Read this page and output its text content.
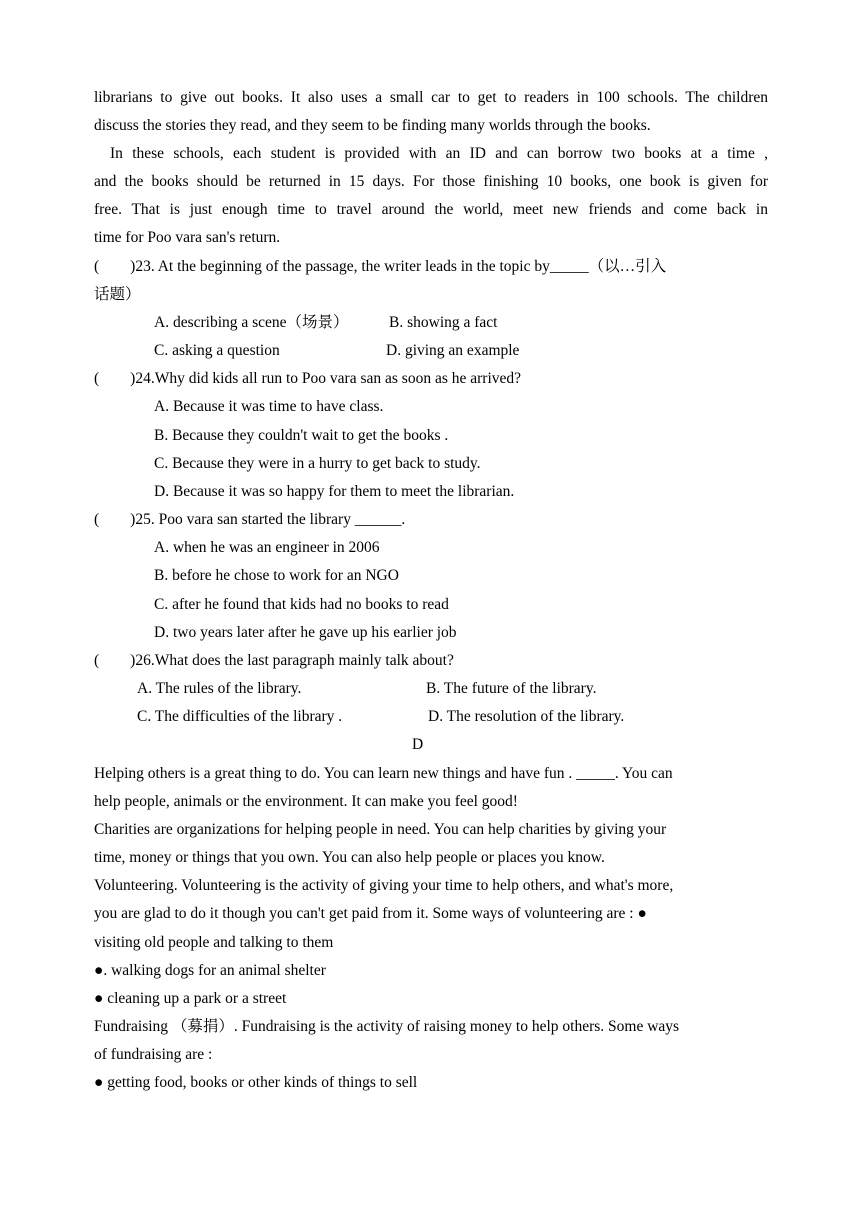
librarians to give out books. It also uses a small car to get to readers in 100 schools. The children
discuss the stories they read, and they seem to be finding many worlds through the books.
In these schools, each student is provided with an ID and can borrow two books at a time ,
and the books should be returned in 15 days. For those finishing 10 books, one book is given for
free. That is just enough time to travel around the world, meet new friends and come back in
time for Poo vara san's return.
(　　)23. At the beginning of the passage, the writer leads in the topic by_____（以…引入
话题）
A. describing a scene（场景）	B. showing a fact
C. asking a question	D. giving an example
(　　)24.Why did kids all run to Poo vara san as soon as he arrived?
A. Because it was time to have class.
B. Because they couldn't wait to get the books .
C. Because they were in a hurry to get back to study.
D. Because it was so happy for them to meet the librarian.
(　　)25. Poo vara san started the library ______.
A. when he was an engineer in 2006
B. before he chose to work for an NGO
C. after he found that kids had no books to read
D. two years later after he gave up his earlier job
(　　)26.What does the last paragraph mainly talk about?
A. The rules of the library.	B. The future of the library.
C. The difficulties of the library .	D. The resolution of the library.
D
Helping others is a great thing to do. You can learn new things and have fun . _____. You can
help people, animals or the environment. It can make you feel good!
Charities are organizations for helping people in need. You can help charities by giving your
time, money or things that you own. You can also help people or places you know.
Volunteering. Volunteering is the activity of giving your time to help others, and what's more,
you are glad to do it though you can't get paid from it. Some ways of volunteering are : ●
visiting old people and talking to them
●. walking dogs for an animal shelter
● cleaning up a park or a street
Fundraising （募捐）. Fundraising is the activity of raising money to help others. Some ways
of fundraising are :
● getting food, books or other kinds of things to sell
